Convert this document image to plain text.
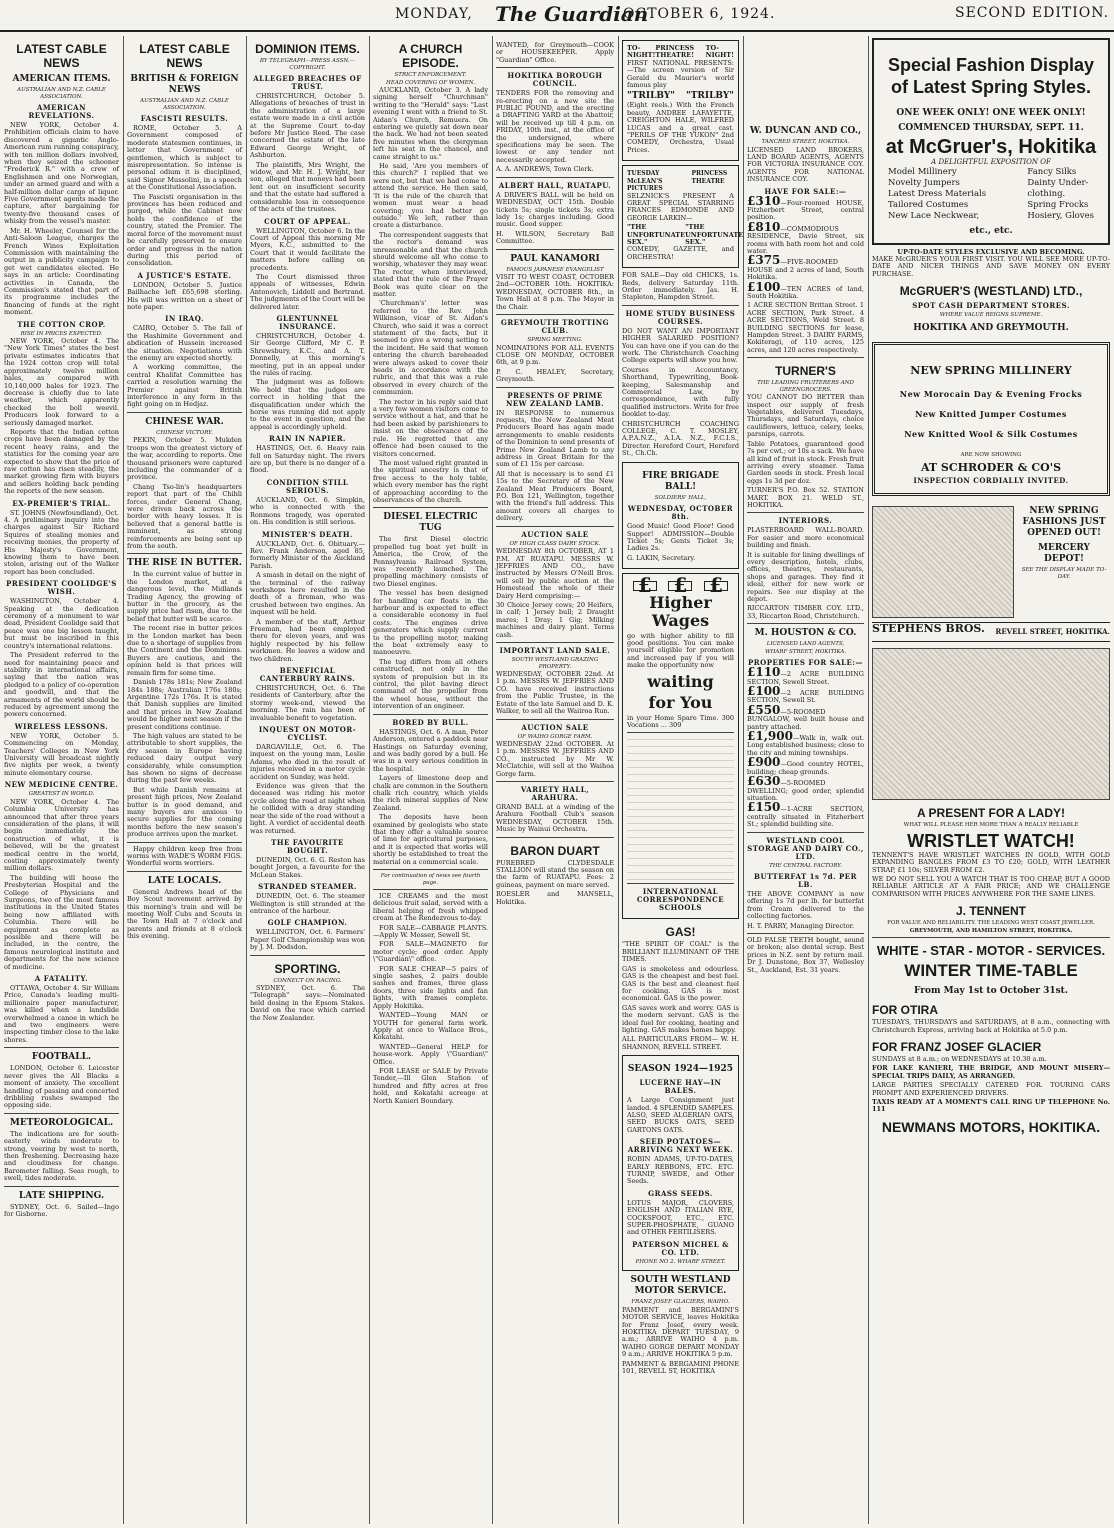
MONDAY, The Guardian
OCTOBER 6, 1924.	SECOND EDITION.
LATEST CABLE NEWS
AMERICAN ITEMS.
AUSTRALIAN AND N.Z. CABLE ASSOCIATION.
AMERICAN REVELATIONS.

NEW YORK, October 4. Prohibition officials claim to have discovered a gigantic Anglo-American rum running conspiracy, with ten million dollars involved, when they seized the schooner "Frederick R." with a crew of Englishmen and one Norwegian, under an armed guard and with a half-million dollar cargo of liquor. Five Government agents made the capture, after bargaining for twenty-five thousand cases of whisky from the vessel's master.

Mr. H. Wheeler, Counsel for the Anti-Saloon League, charges the French Wines Exploitation Commission with maintaining the output in a publicity campaign to get wet candidates elected. He says in an article: Coordinating activities in Canada, the Commission's stated that part of its programme includes the financing of funds at the right moment.

THE COTTON CROP.
RISE IN PRICES EXPECTED.

NEW YORK, October 4. The "New York Times" states the best private estimates indicates that the 1924 cotton crop will total approximately twelve million bales, as compared with 10,140,000 bales for 1923. The decrease is chiefly due to late weather, which apparently checked the boll weevil. Producers look forward to a seriously damaged market.

Reports that the Indian cotton crops have been damaged by the recent heavy rains, and the statistics for the coming year are expected to show that the price of raw cotton has risen steadily, the market growing firm with buyers and sellers holding back pending the reports of the new season.

EX-PREMIER'S TRIAL.

ST. JOHNS (Newfoundland), Oct. 4. A preliminary inquiry into the charges against Sir Richard Squires of stealing monies and receiving monies, the property of His Majesty's Government, knowing them to have been stolen, arising out of the Walker report has been concluded.

PRESIDENT COOLIDGE'S WISH.

WASHINGTON, October 4. Speaking at the dedication ceremony of a monument to war dead, President Coolidge said that peace was one big lesson taught, but must be inscribed in this country's international relations.

The President referred to the need for maintaining peace and stability in international affairs, saying that the nation was pledged to a policy of co-operation and goodwill, and that the armaments of the world should be reduced by agreement among the powers concerned.

WIRELESS LESSONS.

NEW YORK, October 5. Commencing on Monday, Teachers' Colleges in New York University will broadcast nightly five nights per week, a twenty minute elementary course.

NEW MEDICINE CENTRE.
GREATEST IN WORLD.

NEW YORK, October 4. The Columbia University has announced that after three years consideration of the plans, it will begin immediately the construction of what, it is believed, will be the greatest medical centre in the world, costing approximately twenty million dollars.

The building will house the Presbyterian Hospital and the College of Physicians and Surgeons, two of the most famous institutions in the United States being now affiliated with Columbia. There will be equipment as complete as possible and there will be included, in the centre, the famous neurological institute and departments for the new science of medicine.

A FATALITY.

OTTAWA, October 4. Sir William Price, Canada's leading multi-millionaire paper manufacturer, was killed when a landslide overwhelmed a canoe in which he and two engineers were inspecting timber close to the lake shores.

FOOTBALL.

LONDON, October 6. Leicester never gives the All Blacks a moment of anxiety. The excellent handling of passing and concerted dribbling rushes swamped the opposing side.

METEOROLOGICAL.

The indications are for south-easterly winds moderate to strong, veering by west to north, then freshening. Decreasing haze and cloudiness for change. Barometer falling. Seas rough, to swell, tides moderate.

LATE SHIPPING.

SYDNEY, Oct. 6. Sailed—Ingo for Gisborne.

LATEST CABLE NEWS
BRITISH & FOREIGN NEWS
AUSTRALIAN AND N.Z. CABLE ASSOCIATION.
FASCISTI RESULTS.

ROME, October 5. A Government composed of moderate statesmen continues, in letter that Government of gentlemen, which is subject to misrepresentation. So intense is personal odium it is disciplined, said Signor Mussolini, in a speech at the Constitutional Association.

The Fascisti organisation in the provinces has been reduced and purged, while the Cabinet now holds the confidence of the country, stated the Premier. The moral force of the movement must be carefully preserved to ensure order and progress in the nation during this period of consolidation.

A JUSTICE'S ESTATE.

LONDON, October 5. Justice Bailhache left £65,698 sterling. His will was written on a sheet of note paper.

IN IRAQ.

CAIRO, October 5. The fall of the Hashimite Government and abdication of Hussein increased the situation. Negotiations with the enemy are expected shortly.

A working committee, the central Khalifat Committee has carried a resolution warning the Premier against British interference in any form in the fight going on in Hedjaz.

CHINESE WAR.
CHINESE VICTORY.

PEKIN, October 5. Mukden troops won the greatest victory of the war, according to reports. One thousand prisoners were captured including the commander of a province.

Chang Tso-lin's headquarters report that part of the Chihli forces, under General Chang, were driven back across the border with heavy losses. It is believed that a general battle is imminent, as strong reinforcements are being sent up from the south.

THE RISE IN BUTTER.

In the current value of butter in the London market, at a dangerous level, the Midlands Trading Agency, the growing of butter in the grocery, as the supply price had risen, due to the belief that butter will be scarce.

The recent rise in butter prices in the London market has been due to a shortage of supplies from the Continent and the Dominions. Buyers are cautious, and the opinion held is that prices will remain firm for some time.

Danish 178s 181s; New Zealand 184s 188s; Australian 176s 180s; Argentine 172s 176s. It is stated that Danish supplies are limited and that prices in New Zealand would be higher next season if the present conditions continue.

The high values are stated to be attributable to short supplies, the dry season in Europe having reduced dairy output very considerably, while consumption has shown no signs of decrease during the past few weeks.

But while Danish remains at present high prices, New Zealand butter is in good demand, and many buyers are anxious to secure supplies for the coming months before the new season's produce arrives upon the market.

Happy children keep free from worms with WADE'S WORM FIGS. Wonderful worm worriers.

LATE LOCALS.

General Andrews head of the Boy Scout movement arrived by this morning's train and will be meeting Wolf Cubs and Scouts in the Town Hall at 7 o'clock and parents and friends at 8 o'clock this evening.

DOMINION ITEMS.
BY TELEGRAPH—PRESS ASSN.—COPYRIGHT.
ALLEGED BREACHES OF TRUST.

CHRISTCHURCH, October 5. Allegations of breaches of trust in the administration of a large estate were made in a civil action at the Supreme Court to-day before Mr Justice Reed. The case concerned the estate of the late Edward George Wright, of Ashburton.

The plaintiffs, Mrs Wright, the widow, and Mr. H. J. Wright, her son, alleged that moneys had been lent out on insufficient security and that the estate had suffered a considerable loss in consequence of the acts of the trustees.

COURT OF APPEAL.

WELLINGTON, October 6. In the Court of Appeal this morning Mr Myers, K.C., submitted to the Court that it would facilitate the matters before calling on precedents.

The Court dismissed three appeals of witnesses, Edwin Antonovich, Liddell and Bertrand. The judgments of the Court will be delivered later.

GLENTUNNEL INSURANCE.

CHRISTCHURCH, October 4. Sir George Clifford, Mr C. P. Shrewsbury, K.C., and A. T. Donnelly, at this morning's meeting, put in an appeal under the rules of racing.

The judgment was as follows: We hold that the judges are correct in holding that the disqualification under which the horse was running did not apply to the event in question, and the appeal is accordingly upheld.

RAIN IN NAPIER.

HASTINGS, Oct. 6. Heavy rain fell on Saturday night. The rivers are up, but there is no danger of a flood.

CONDITION STILL SERIOUS.

AUCKLAND, Oct. 6. Simpkin, who is connected with the Ronmons tragedy, was operated on. His condition is still serious.

MINISTER'S DEATH.

AUCKLAND, Oct. 6. Obituary.—Rev. Frank Anderson, aged 85, formerly Minister of the Auckland Parish.

A smash in detail on the night of the terminal of the railway workshops here resulted in the death of a fireman, who was crushed between two engines. An inquest will be held.

A member of the staff, Arthur Freeman, had been employed there for eleven years, and was highly respected by his fellow workmen. He leaves a widow and two children.

BENEFICIAL CANTERBURY RAINS.

CHRISTCHURCH, Oct. 6. The residents of Canterbury, after the stormy week-end, viewed the morning. The rain has been of invaluable benefit to vegetation.

INQUEST ON MOTOR-CYCLIST.

DARGAVILLE, Oct. 6. The inquest on the young man, Leslie Adams, who died in the result of injuries received in a motor cycle accident on Sunday, was held.

Evidence was given that the deceased was riding his motor cycle along the road at night when he collided with a dray standing near the side of the road without a light. A verdict of accidental death was returned.

THE FAVOURITE BOUGHT.

DUNEDIN, Oct. 6. G. Reston has bought Jorgen, a favourite for the McLean Stakes.

STRANDED STEAMER.

DUNEDIN, Oct. 6. The steamer Wellington is still stranded at the entrance of the harbour.

GOLF CHAMPION.

WELLINGTON, Oct. 6. Farmers' Paper Golf Championship was won by J. M. Dodsdon.

SPORTING.
CONNECT ON RACING.

SYDNEY, Oct. 6. The "Telegraph" says:—Nominated held dosing in the Epsom Stakes. David on the race which carried the New Zealander.

A CHURCH EPISODE.
STRICT ENFORCEMENT.
HEAD COVERING OF WOMEN.

AUCKLAND, October 3. A lady signing herself "Churchman" writing to the "Herald" says: "Last evening I went with a friend to St. Aidan's Church, Remuera. On entering we quietly sat down near the back. We had not been seated five minutes when the clergyman left his seat in the chancel, and came straight to us."

He said, 'Are you members of this church?' I replied that we were not, but that we had come to attend the service. He then said, 'It is the rule of the church that women must wear a head covering; you had better go outside.' We left, rather than create a disturbance.

The correspondent suggests that the rector's demand was unreasonable and that the church should welcome all who come to worship, whatever they may wear. The rector, when interviewed, stated that the rule of the Prayer Book was quite clear on the matter.

'Churchman's' letter was referred to the Rev. John Wilkinson, vicar of St. Aidan's Church, who said it was a correct statement of the facts, but it seemed to give a wrong setting to the incident. He said that women entering the church bareheaded were always asked to cover their heads in accordance with the rubric, and that this was a rule observed in every church of the communion.

The rector in his reply said that a very few women visitors come to service without a hat, and that he had been asked by parishioners to insist on the observance of the rule. He regretted that any offence had been caused to the visitors concerned.

The most valued right granted in the spiritual ancestry is that of free access to the holy table, which every member has the right of approaching according to the observances of the church.

DIESEL ELECTRIC TUG

The first Diesel electric propelled tug boat yet built in America, the Crow, of the Pennsylvania Railroad System, was recently launched. The propelling machinery consists of two Diesel engines.

The vessel has been designed for handling car floats in the harbour and is expected to effect a considerable economy in fuel costs. The engines drive generators which supply current to the propelling motor, making the boat extremely easy to manoeuvre.

The tug differs from all others constructed, not only in the system of propulsion but in its control, the pilot having direct command of the propeller from the wheel house, without the intervention of an engineer.

BORED BY BULL.

HASTINGS, Oct. 6. A man, Peter Anderson, entered a paddock near Hastings on Saturday evening, and was badly gored by a bull. He was in a very serious condition in the hospital.

Layers of limestone deep and chalk are common in the Southern chalk rich country, which yields the rich mineral supplies of New Zealand.

The deposits have been examined by geologists who state that they offer a valuable source of lime for agricultural purposes, and it is expected that works will shortly be established to treat the material on a commercial scale.

For continuation of news see fourth page.

ICE CREAMS and the most delicious fruit salad, served with a liberal helping of fresh whipped cream at The Rendezvous to-day.

FOR SALE—CABBAGE PLANTS.—Apply W. Mosser, Sewell St.

FOR SALE—MAGNETO for motor cycle; good order. Apply \"Guardian\" office.

FOR SALE CHEAP—5 pairs of single sashes, 2 pairs double sashes and frames, three glass doors, three side lights and fan lights, with frames complete. Apply Hokitika.

WANTED—Young MAN or YOUTH for general farm work. Apply at once to Wallace Bros., Kokatahi.

WANTED—General HELP for house-work. Apply \"Guardian\" Office.

FOR LEASE or SALE by Private Tender,—Ill Glen Station of hundred and fifty acres at free hold, and Kokatahi acreage at North Kanieri Boundary.

WANTED, for Greymouth—COOK or HOUSEKEEPER. Apply "Guardian" Office.

HOKITIKA BOROUGH COUNCIL.

TENDERS FOR the removing and re-erecting on a new site the PUBLIC POUND, and the erecting a DRAFTING YARD at the Abattoir, will be received up till 4 p.m. on FRIDAY, 10th inst., at the office of the undersigned, where specifications may be seen. The lowest or any tender not necessarily accepted.

A. A. ANDREWS, Town Clerk.

ALBERT HALL, RUATAPU.

A DRIVER'S BALL will be held on WEDNESDAY, OCT 15th. Double tickets 5s; single tickets 3s; extra lady 1s; charges including. Good music. Good supper.

H. WILSON, Secretary Ball Committee.

PAUL KANAMORI
FAMOUS JAPANESE EVANGELIST

VISIT TO WEST COAST, OCTOBER 2nd—OCTOBER 10th. HOKITIKA: WEDNESDAY, OCTOBER 8th., in Town Hall at 8 p.m. The Mayor in the Chair.

GREYMOUTH TROTTING CLUB.
SPRING MEETING.

NOMINATIONS FOR ALL EVENTS CLOSE ON MONDAY, OCTOBER 6th, at 9 p.m.

P. C. HEALEY, Secretary, Greymouth.

PRESENTS OF PRIME NEW ZEALAND LAMB.

IN RESPONSE to numerous requests, the New Zealand Meat Producers Board has again made arrangements to enable residents of the Dominion to send presents of Prime New Zealand Lamb to any address in Great Britain for the sum of £1 15s per carcase.

All that is necessary is to send £1 15s to the Secretary of the New Zealand Meat Producers Board, P.O. Box 121, Wellington, together with the friend's full address. This amount covers all charges to delivery.

AUCTION SALE
OF HIGH CLASS DAIRY STOCK.

WEDNESDAY 8th OCTOBER, AT 1 P.M. AT RUATAPU. MESSRS W. JEFFRIES AND CO., have instructed by Messrs O'Neill Bros. will sell by public auction at the Homestead the whole of their Dairy Herd comprising:—

30 Choice Jersey cows; 20 Heifers, in calf; 1 Jersey bull; 2 Draught mares; 1 Dray; 1 Gig; Milking machines and dairy plant. Terms cash.

IMPORTANT LAND SALE.
SOUTH WESTLAND GRAZING PROPERTY.

WEDNESDAY, OCTOBER 22nd. At 1 p.m. MESSRS W. JEFFRIES AND CO. have received instructions from the Public Trustee, in the Estate of the late Samuel and D. K. Walker, to sell all the Waiiroa Run.

AUCTION SALE
OF WAIHO GORGE FARM.

WEDNESDAY 22nd OCTOBER. At 1 p.m. MESSRS W. JEFFRIES AND CO., instructed by Mr W. McClatchie, will sell at the Waihoa Gorge farm.

VARIETY HALL, ARAHURA.

GRAND BALL at a winding of the Arahura Football Club's season WEDNESDAY, OCTOBER 15th. Music by Wainui Orchestra.

BARON DUART

PUREBRED CLYDESDALE STALLION will stand the season on the farm of RUATAPU. Fees: 2 guineas, payment on mare served.

ROESLER and MANSELL, Hokitika.

TO-NIGHT!
PRINCESS THEATRE!
TO-NIGHT!

FIRST NATIONAL PRESENTS:—The screen version of Sir Gerald du Maurier's world famous play

"TRILBY" "TRILBY"

(Eight reels.) With the French beauty, ANDREE LAFAYETTE, CREIGHTON HALE, WILFRED LUCAS and a great cast. "PERILS OF THE YUKON" 2nd COMEDY, Orchestra, Usual Prices.

TUESDAY McLEAN'S PICTURES
PRINCESS THEATRE

SELZNICK'S PRESENT A GREAT SPECIAL STARRING FRANCES EDMONDE AND GEORGE LARKIN—

"THE UNFORTUNATE SEX."
"THE UNFORTUNATE SEX."

COMEDY, GAZETTE, and ORCHESTRA!

FOR SALE—Day old CHICKS, 1s. Reds, delivery Saturday 11th. Order immediately. Jas. H. Stapleton, Hampden Street.

HOME STUDY BUSINESS COURSES.

DO NOT WANT AN IMPORTANT HIGHER SALARIED POSITION? You can have one if you can do the work. The Christchurch Coaching College experts will show you how.

Courses in Accountancy, Shorthand, Typewriting, Book-keeping, Salesmanship and Commercial Law, by correspondence, with fully qualified instructors. Write for free booklet to-day.

CHRISTCHURCH COACHING COLLEGE, C. T. MOSLEY, A.P.A.N.Z., A.I.A. N.Z., F.C.I.S., Director. Hereford Court, Hereford St., Ch.Ch.

FIRE BRIGADE BALL!
SOLDIERS' HALL,
WEDNESDAY, OCTOBER 8th.

Good Music! Good Floor! Good Supper! ADMISSION—Double Ticket 5s; Gents Ticket 3s; Ladies 2s.

G. LAKIN, Secretary.

£ £ £
Higher Wages

go with higher ability to fill good positions. You can make yourself eligible for promotion and increased pay if you will make the opportunity now

waiting
for You

in your Home Spare Time. 300 Vocations ... 309

INTERNATIONAL CORRESPONDENCE SCHOOLS
GAS!

"THE SPIRIT OF COAL" is the BRILLIANT ILLUMINANT OF THE TIMES.

GAS is smokeless and odourless. GAS is the cheapest and best fuel. GAS is the best and cleanest fuel for cooking. GAS is most economical. GAS is the power.

GAS saves work and worry. GAS is the modern servant. GAS is the ideal fuel for cooking, heating and lighting. GAS makes homes happy.

ALL PARTICULARS FROM— W. H. SHANNON, REVELL STREET.

SEASON 1924—1925
LUCERNE HAY—IN BALES.

A Large Consignment just landed. 4 SPLENDID SAMPLES. ALSO, SEED ALGERIAN OATS, SEED BUCKS OATS, SEED GARTONS OATS.

SEED POTATOES—ARRIVING NEXT WEEK.

ROBIN ADAMS, UP-TO-DATES, EARLY REBBONS, ETC. ETC. TURNIP, SWEDE, and Other Seeds.

GRASS SEEDS.

LOTUS MAJOR, CLOVERS, ENGLISH AND ITALIAN RYE, COCKSFOOT, ETC., ETC. SUPER-PHOSPHATE, GUANO and OTHER FERTILISERS.

PATERSON MICHEL & CO. LTD.
PHONE NO 2. WHARF STREET.
SOUTH WESTLAND MOTOR SERVICE.
FRANZ JOSEF GLACIERS, WAIHO.

PAMMENT and BERGAMINI'S MOTOR SERVICE, leaves Hokitika for Franz Josef, every week. HOKITIKA DEPART TUESDAY, 9 a.m.; ARRIVE WAIHO 4 p.m. WAIHO GORGE DEPART MONDAY 9 a.m.; ARRIVE HOKITIKA 5 p.m.

PAMMENT & BERGAMINI PHONE 101, REVELL ST, HOKITIKA

W. DUNCAN AND CO.,
TANCRED STREET, HOKITIKA.

LICENSED LAND BROKERS, LAND BOARD AGENTS, AGENTS FOR VICTORIA INSURANCE COY. AGENTS FOR NATIONAL INSURANCE COY.

HAVE FOR SALE:—

£310—Four-roomed HOUSE, Fitzherbert Street, central position.

£810—COMMODIOUS RESIDENCE, Davie Street, six rooms with bath room hot and cold water.

£375—FIVE-ROOMED HOUSE and 2 acres of land, South Hokitika.

£100—TEN ACRES of land, South Hokitika.

1 ACRE SECTION Brittan Street. 1 ACRE SECTION, Park Street. 4 ACRE SECTIONS, Weld Street. 8 BUILDING SECTIONS for lease, Hampden Street. 3 DAIRY FARMS, Kokiteragi, of 110 acres, 125 acres, and 120 acres respectively.

TURNER'S
THE LEADING FRUITERERS AND GREENGROCERS.

YOU CANNOT DO BETTER than inspect our supply of fresh Vegetables, delivered Tuesdays, Thursdays, and Saturdays, choice cauliflowers, lettuce, celery, leeks, parsnips, carrots.

Table Potatoes, guaranteed good 7s per cwt.; or 10s a sack. We have all kind of fruit in stock. Fresh fruit arriving every steamer. Tama Garden seeds in stock. Fresh local eggs 1s 3d per doz.

TURNER'S P.O. Box 52. STATION MART. BOX 21. WELD ST., HOKITIKA.

INTERIORS.

PLASTERBOARD WALL-BOARD. For easier and more economical building and finish.

It is suitable for lining dwellings of every description, hotels, clubs, offices, theatres, restaurants, shops and garages. They find it ideal, either for new work or repairs. See our display at the depot.

RICCARTON TIMBER COY. LTD., 33, Riccarton Road, Christchurch.

M. HOUSTON & CO.
LICENSED LAND AGENTS,
WHARF STREET, HOKITIKA.
PROPERTIES FOR SALE:—

£110—2 ACRE BUILDING SECTION, Sewell Street.

£100—2 ACRE BUILDING SECTION, Sewell St.

£550—5-ROOMED BUNGALOW, well built house and pantry attached.

£1,900—Walk in, walk out. Long established business; close to the city and mining townships.

£900—Good country HOTEL, building; cheap grounds.

£630—5-ROOMED DWELLING; good order, splendid situation.

£150—1-ACRE SECTION, centrally situated in Fitzherbert St.; splendid building site.

WESTLAND COOL STORAGE AND DAIRY CO., LTD.
THE CENTRAL FACTORY.
BUTTERFAT 1s 7d. PER LB.

THE ABOVE COMPANY is now offering 1s 7d per lb. for butterfat from Cream delivered to the collecting factories.

H. T. PARRY, Managing Director.

OLD FALSE TEETH bought, sound or broken; also dental scrap. Best prices in N.Z. sent by return mail. Dr J. Dunstone, Box 37, Wellesley St., Auckland, Est. 31 years.

Special Fashion Display of Latest Spring Styles.
ONE WEEK ONLY! ONE WEEK ONLY!
COMMENCED THURSDAY, SEPT. 11.
at McGruer's, Hokitika
A DELIGHTFUL EXPOSITION OF
Model Millinery
Novelty Jumpers
Latest Dress Materials
Tailored Costumes
New Lace Neckwear,
Fancy Silks
Dainty Under-
clothing.
Spring Frocks
Hosiery, Gloves
etc., etc.
UP-TO-DATE STYLES EXCLUSIVE AND BECOMING.

MAKE McGRUER'S YOUR FIRST VISIT. YOU WILL SEE MORE UP-TO-DATE AND NICER THINGS AND SAVE MONEY ON EVERY PURCHASE.

McGRUER'S (WESTLAND) LTD.,
SPOT CASH DEPARTMENT STORES.
WHERE VALUE REIGNS SUPREME.
HOKITIKA AND GREYMOUTH.
NEW SPRING MILLINERY
New Morocain Day & Evening Frocks
New Knitted Jumper Costumes
New Knitted Wool & Silk Costumes
ARE NOW SHOWING
AT SCHRODER & CO'S
INSPECTION CORDIALLY INVITED.
NEW SPRING FASHIONS JUST OPENED OUT!
MERCERY DEPOT!
SEE THE DISPLAY MADE TO-DAY.
STEPHENS BROS. REVELL STREET, HOKITIKA.
A PRESENT FOR A LADY!
WHAT WILL PLEASE HER MORE THAN A REALLY RELIABLE
WRISTLET WATCH!

TENNENT'S HAVE WRISTLET WATCHES IN GOLD, WITH GOLD EXPANDING BANGLES FROM £3 TO £20; GOLD, WITH LEATHER STRAP, £1 10s; SILVER FROM £2.

WE DO NOT SELL YOU A WATCH THAT IS TOO CHEAP, BUT A GOOD RELIABLE ARTICLE AT A FAIR PRICE; AND WE CHALLENGE COMPARISON WITH PRICES ANYWHERE FOR THE SAME LINES.

J. TENNENT
FOR VALUE AND RELIABILITY. THE LEADING WEST COAST JEWELLER.
GREYMOUTH, AND HAMILTON STREET, HOKITIKA.
WHITE - STAR - MOTOR - SERVICES.
WINTER TIME-TABLE
From May 1st to October 31st.
FOR OTIRA

TUESDAYS, THURSDAYS and SATURDAYS, at 8 a.m., connecting with Christchurch Express, arriving back at Hokitika at 5.0 p.m.

FOR FRANZ JOSEF GLACIER

SUNDAYS at 8 a.m.; on WEDNESDAYS at 10.30 a.m.

FOR LAKE KANIERI, THE BRIDGE, AND MOUNT MISERY—SPECIAL TRIPS DAILY, AS ARRANGED.

LARGE PARTIES SPECIALLY CATERED FOR. TOURING CARS PROMPT AND EXPERIENCED DRIVERS.

TAXIS READY AT A MOMENT'S CALL RING UP TELEPHONE No. 111

NEWMANS MOTORS, HOKITIKA.
